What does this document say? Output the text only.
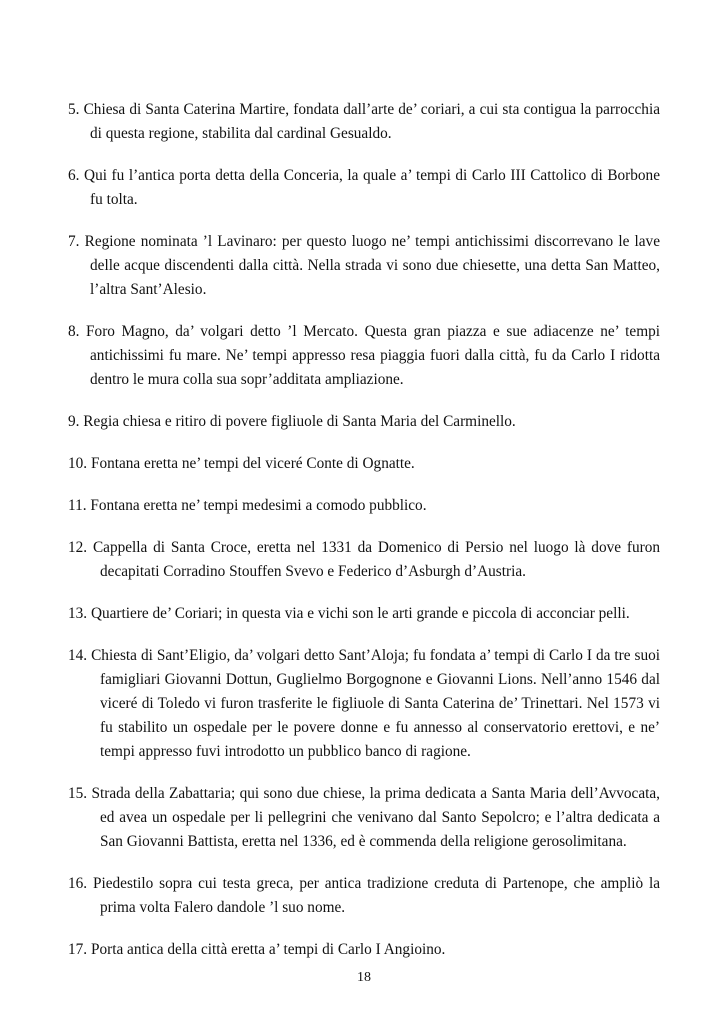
5. Chiesa di Santa Caterina Martire, fondata dall’arte de’ coriari, a cui sta contigua la parrocchia di questa regione, stabilita dal cardinal Gesualdo.

6. Qui fu l’antica porta detta della Conceria, la quale a’ tempi di Carlo III Cattolico di Borbone fu tolta.

7. Regione nominata ’l Lavinaro: per questo luogo ne’ tempi antichissimi discorrevano le lave delle acque discendenti dalla città. Nella strada vi sono due chiesette, una detta San Matteo, l’altra Sant’Alesio.

8. Foro Magno, da’ volgari detto ’l Mercato. Questa gran piazza e sue adiacenze ne’ tempi antichissimi fu mare. Ne’ tempi appresso resa piaggia fuori dalla città, fu da Carlo I ridotta dentro le mura colla sua sopr’additata ampliazione.

9. Regia chiesa e ritiro di povere figliuole di Santa Maria del Carminello.

10. Fontana eretta ne’ tempi del viceré Conte di Ognatte.

11. Fontana eretta ne’ tempi medesimi a comodo pubblico.

12. Cappella di Santa Croce, eretta nel 1331 da Domenico di Persio nel luogo là dove furon decapitati Corradino Stouffen Svevo e Federico d’Asburgh d’Austria.

13. Quartiere de’ Coriari; in questa via e vichi son le arti grande e piccola di acconciar pelli.

14. Chiesta di Sant’Eligio, da’ volgari detto Sant’Aloja; fu fondata a’ tempi di Carlo I da tre suoi famigliari Giovanni Dottun, Guglielmo Borgognone e Giovanni Lions. Nell’anno 1546 dal viceré di Toledo vi furon trasferite le figliuole di Santa Caterina de’ Trinettari. Nel 1573 vi fu stabilito un ospedale per le povere donne e fu annesso al conservatorio erettovi, e ne’ tempi appresso fuvi introdotto un pubblico banco di ragione.

15. Strada della Zabattaria; qui sono due chiese, la prima dedicata a Santa Maria dell’Avvocata, ed avea un ospedale per li pellegrini che venivano dal Santo Sepolcro; e l’altra dedicata a San Giovanni Battista, eretta nel 1336, ed è commenda della religione gerosolimitana.

16. Piedestilo sopra cui testa greca, per antica tradizione creduta di Partenope, che ampliò la prima volta Falero dandole ’l suo nome.

17. Porta antica della città eretta a’ tempi di Carlo I Angioino.

18
